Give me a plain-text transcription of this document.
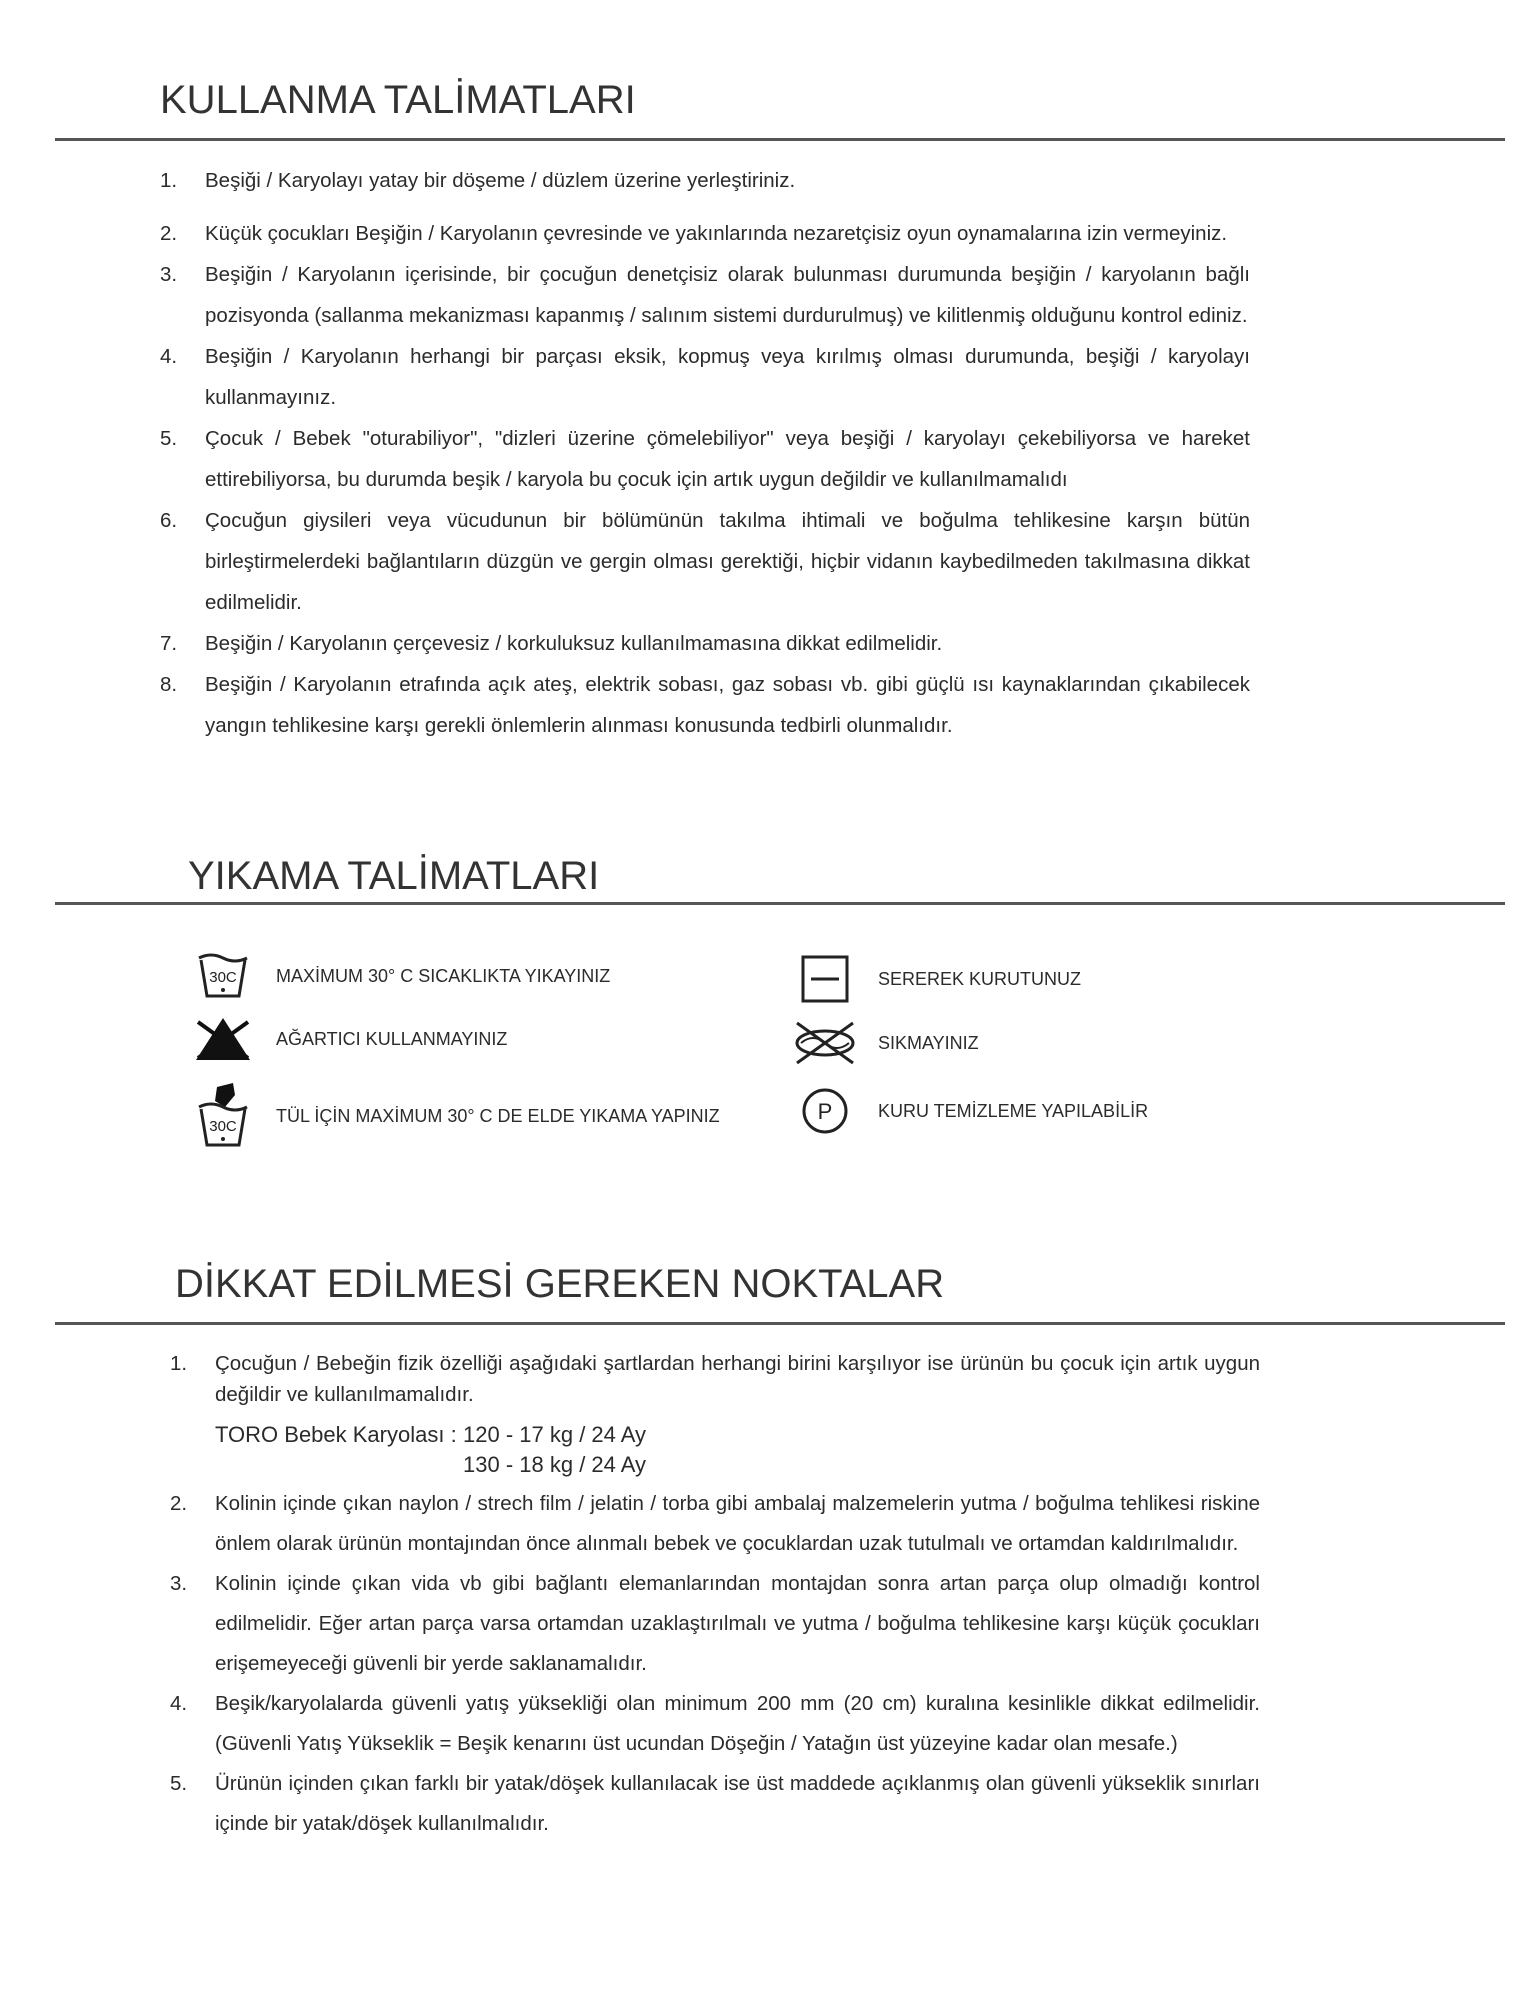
KULLANMA TALİMATLARI
1.	Beşiği / Karyolayı yatay bir döşeme / düzlem üzerine yerleştiriniz.
2.	Küçük çocukları Beşiğin / Karyolanın çevresinde ve yakınlarında nezaretçisiz oyun oynamalarına izin vermeyiniz.
3.	Beşiğin / Karyolanın içerisinde, bir çocuğun denetçisiz olarak bulunması durumunda beşiğin / karyolanın bağlı pozisyonda (sallanma mekanizması kapanmış / salınım sistemi durdurulmuş) ve kilitlenmiş olduğunu kontrol ediniz.
4.	Beşiğin / Karyolanın herhangi bir parçası eksik, kopmuş veya kırılmış olması durumunda, beşiği / karyolayı kullanmayınız.
5.	Çocuk / Bebek "oturabiliyor", "dizleri üzerine çömelebiliyor" veya beşiği / karyolayı çekebiliyorsa ve hareket ettirebiliyorsa, bu durumda beşik / karyola bu çocuk için artık uygun değildir ve kullanılmamalıdı
6.	Çocuğun giysileri veya vücudunun bir bölümünün takılma ihtimali ve boğulma tehlikesine karşın bütün birleştirmelerdeki bağlantıların düzgün ve gergin olması gerektiği, hiçbir vidanın kaybedilmeden takılmasına dikkat edilmelidir.
7.	Beşiğin / Karyolanın çerçevesiz / korkuluksuz kullanılmamasına dikkat edilmelidir.
8.	Beşiğin / Karyolanın etrafında açık ateş, elektrik sobası, gaz sobası vb. gibi güçlü ısı kaynaklarından çıkabilecek yangın tehlikesine karşı gerekli önlemlerin alınması konusunda tedbirli olunmalıdır.
YIKAMA TALİMATLARI
30C MAXİMUM 30° C SICAKLIKTA YIKAYINIZ
AĞARTICI KULLANMAYINIZ
30C
TÜL İÇİN MAXİMUM 30° C DE ELDE YIKAMA YAPINIZ
SEREREK KURUTUNUZ
SIKMAYINIZ
P	KURU TEMİZLEME YAPILABİLİR
DİKKAT EDİLMESİ GEREKEN NOKTALAR
1.	Çocuğun / Bebeğin fizik özelliği aşağıdaki şartlardan herhangi birini karşılıyor ise ürünün bu çocuk için artık uygun değildir ve kullanılmamalıdır.
TORO Bebek Karyolası : 120 - 17 kg / 24 Ay
130 - 18 kg / 24 Ay
2.	Kolinin içinde çıkan naylon / strech film / jelatin / torba gibi ambalaj malzemelerin yutma / boğulma tehlikesi riskine önlem olarak ürünün montajından önce alınmalı bebek ve çocuklardan uzak tutulmalı ve ortamdan kaldırılmalıdır.
3.	Kolinin içinde çıkan vida vb gibi bağlantı elemanlarından montajdan sonra artan parça olup olmadığı kontrol edilmelidir. Eğer artan parça varsa ortamdan uzaklaştırılmalı ve yutma / boğulma tehlikesine karşı küçük çocukları erişemeyeceği güvenli bir yerde saklanamalıdır.
4.	Beşik/karyolalarda güvenli yatış yüksekliği olan minimum 200 mm (20 cm) kuralına kesinlikle dikkat edilmelidir. (Güvenli Yatış Yükseklik = Beşik kenarını üst ucundan Döşeğin / Yatağın üst yüzeyine kadar olan mesafe.)
5.	Ürünün içinden çıkan farklı bir yatak/döşek kullanılacak ise üst maddede açıklanmış olan güvenli yükseklik sınırları içinde bir yatak/döşek kullanılmalıdır.
